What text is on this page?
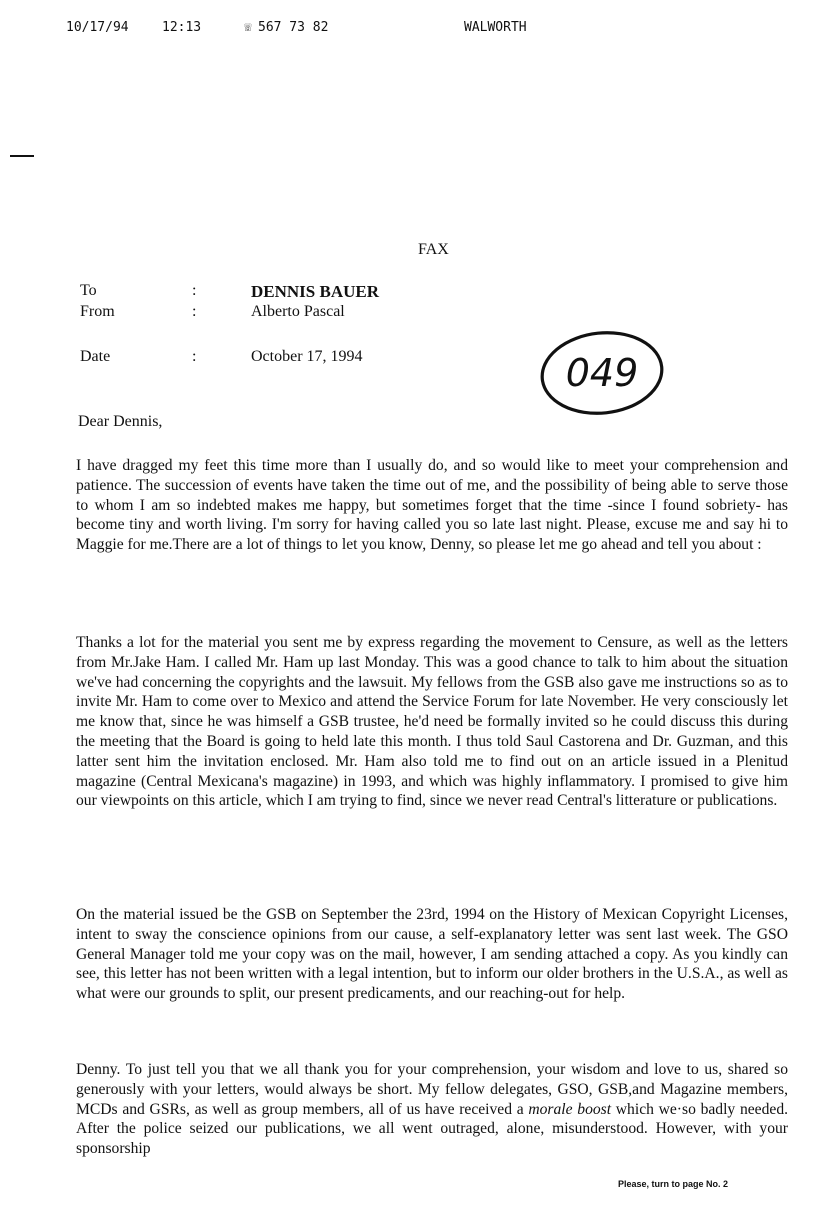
10/17/94	12:13	☏ 567 73 82	WALWORTH
FAX
To	:	DENNIS BAUER
From	:	Alberto Pascal
Date	:	October 17, 1994	049
Dear Dennis,

I have dragged my feet this time more than I usually do, and so would like to meet your comprehension and patience. The succession of events have taken the time out of me, and the possibility of being able to serve those to whom I am so indebted makes me happy, but sometimes forget that the time -since I found sobriety- has become tiny and worth living. I'm sorry for having called you so late last night. Please, excuse me and say hi to Maggie for me.There are a lot of things to let you know, Denny, so please let me go ahead and tell you about :

Thanks a lot for the material you sent me by express regarding the movement to Censure, as well as the letters from Mr.Jake Ham. I called Mr. Ham up last Monday. This was a good chance to talk to him about the situation we've had concerning the copyrights and the lawsuit. My fellows from the GSB also gave me instructions so as to invite Mr. Ham to come over to Mexico and attend the Service Forum for late November. He very consciously let me know that, since he was himself a GSB trustee, he'd need be formally invited so he could discuss this during the meeting that the Board is going to held late this month. I thus told Saul Castorena and Dr. Guzman, and this latter sent him the invitation enclosed. Mr. Ham also told me to find out on an article issued in a Plenitud magazine (Central Mexicana's magazine) in 1993, and which was highly inflammatory. I promised to give him our viewpoints on this article, which I am trying to find, since we never read Central's litterature or publications.

On the material issued be the GSB on September the 23rd, 1994 on the History of Mexican Copyright Licenses, intent to sway the conscience opinions from our cause, a self-explanatory letter was sent last week. The GSO General Manager told me your copy was on the mail, however, I am sending attached a copy. As you kindly can see, this letter has not been written with a legal intention, but to inform our older brothers in the U.S.A., as well as what were our grounds to split, our present predicaments, and our reaching-out for help.

Denny. To just tell you that we all thank you for your comprehension, your wisdom and love to us, shared so generously with your letters, would always be short. My fellow delegates, GSO, GSB,and Magazine members, MCDs and GSRs, as well as group members, all of us have received a morale boost which we·so badly needed. After the police seized our publications, we all went outraged, alone, misunderstood. However, with your sponsorship

Please, turn to page No. 2
